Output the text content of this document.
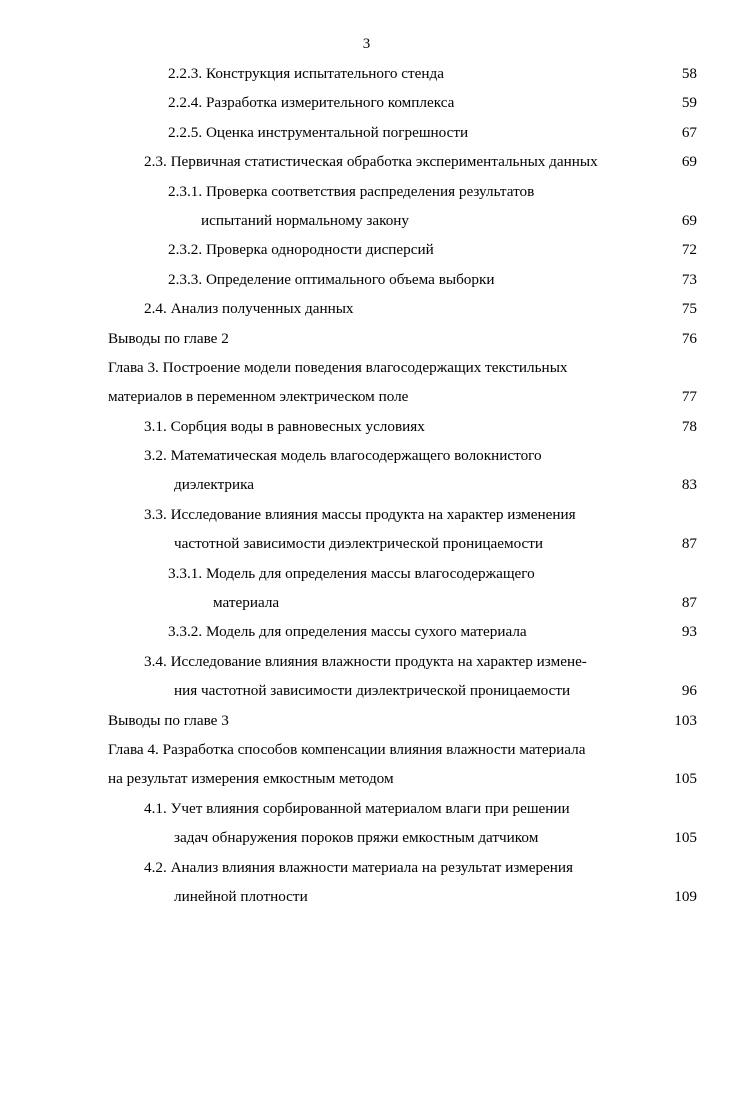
3
2.2.3. Конструкция испытательного стенда	58
2.2.4. Разработка измерительного комплекса	59
2.2.5. Оценка инструментальной погрешности	67
2.3. Первичная статистическая обработка экспериментальных данных	69
2.3.1. Проверка соответствия распределения результатов
испытаний нормальному закону	69
2.3.2. Проверка однородности дисперсий	72
2.3.3. Определение оптимального объема выборки	73
2.4. Анализ полученных данных	75
Выводы по главе 2	76
Глава 3. Построение модели поведения влагосодержащих текстильных
материалов в переменном электрическом поле	77
3.1. Сорбция воды в равновесных условиях	78
3.2. Математическая модель влагосодержащего волокнистого
диэлектрика	83
3.3. Исследование влияния массы продукта на характер изменения
частотной зависимости диэлектрической проницаемости	87
3.3.1. Модель для определения массы влагосодержащего
материала	87
3.3.2. Модель для определения массы сухого материала	93
3.4. Исследование влияния влажности продукта на характер измене-
ния частотной зависимости диэлектрической проницаемости	96
Выводы по главе 3	103
Глава 4. Разработка способов компенсации влияния влажности материала
на результат измерения емкостным методом	105
4.1. Учет влияния сорбированной материалом влаги при решении
задач обнаружения пороков пряжи емкостным датчиком	105
4.2. Анализ влияния влажности материала на результат измерения
линейной плотности	109
